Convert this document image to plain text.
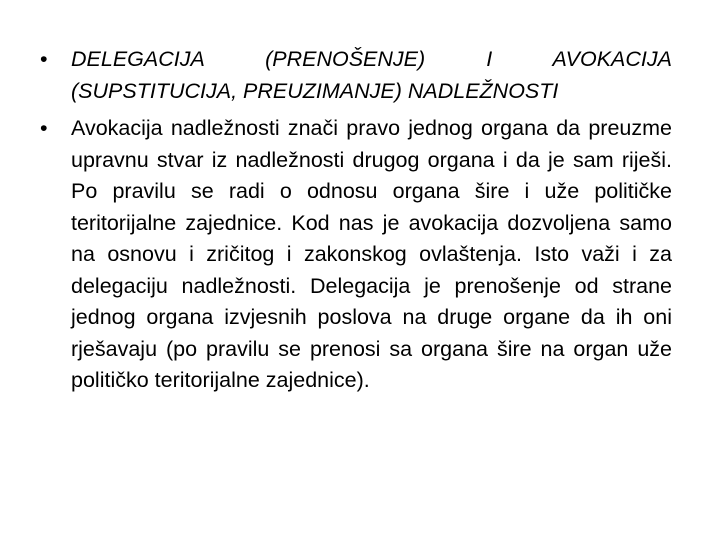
•	DELEGACIJA (PRENOŠENJE) I AVOKACIJA (SUPSTITUCIJA, PREUZIMANJE) NADLEŽNOSTI
•	Avokacija nadležnosti znači pravo jednog organa da preuzme upravnu stvar iz nadležnosti drugog organa i da je sam riješi. Po pravilu se radi o odnosu organa šire i uže političke teritorijalne zajednice. Kod nas je avokacija dozvoljena samo na osnovu i zričitog i zakonskog ovlaštenja. Isto važi i za delegaciju nadležnosti. Delegacija je prenošenje od strane jednog organa izvjesnih poslova na druge organe da ih oni rješavaju (po pravilu se prenosi sa organa šire na organ uže političko teritorijalne zajednice).
